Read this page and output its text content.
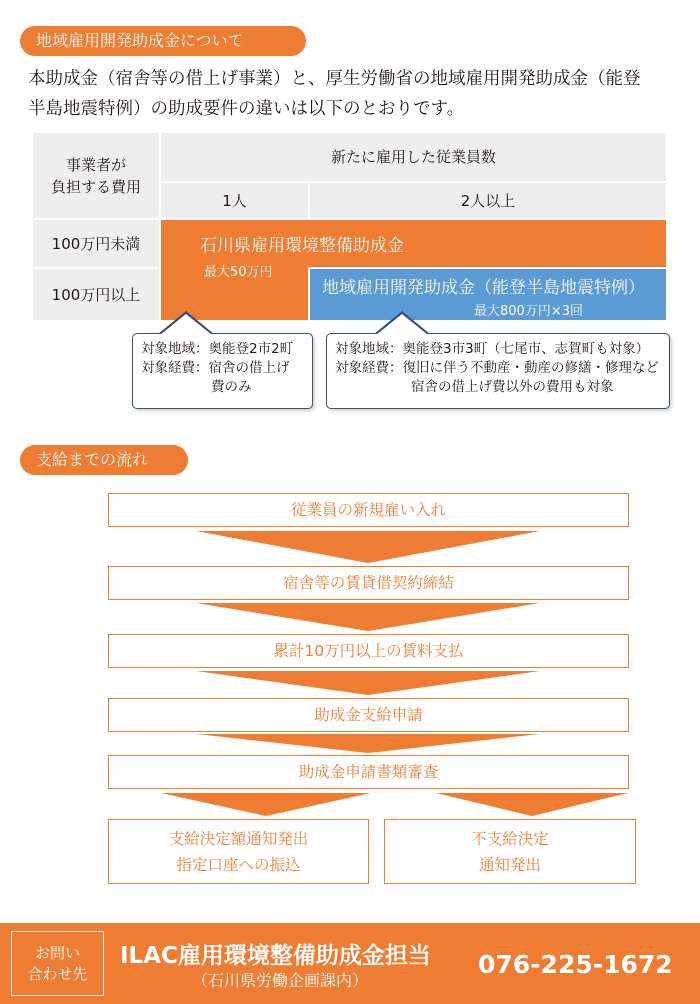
地域雇用開発助成金について
本助成金（宿舎等の借上げ事業）と、厚生労働省の地域雇用開発助成金（能登
半島地震特例）の助成要件の違いは以下のとおりです。
事業者が
負担する費用
新たに雇用した従業員数
1人	2人以上
100万円未満
100万円以上
石川県雇用環境整備助成金
最大50万円
地域雇用開発助成金（能登半島地震特例）
最大800万円×3回
対象地域：奥能登2市2町
対象経費：宿舎の借上げ
費のみ
対象地域：奥能登3市3町（七尾市、志賀町も対象）
対象経費：復旧に伴う不動産・動産の修繕・修理など
宿舎の借上げ費以外の費用も対象
支給までの流れ
従業員の新規雇い入れ
宿舎等の賃貸借契約締結
累計10万円以上の賃料支払
助成金支給申請
助成金申請書類審査
支給決定額通知発出
指定口座への振込
不支給決定
通知発出
お問い
合わせ先
ILAC雇用環境整備助成金担当
（石川県労働企画課内）
076-225-1672
